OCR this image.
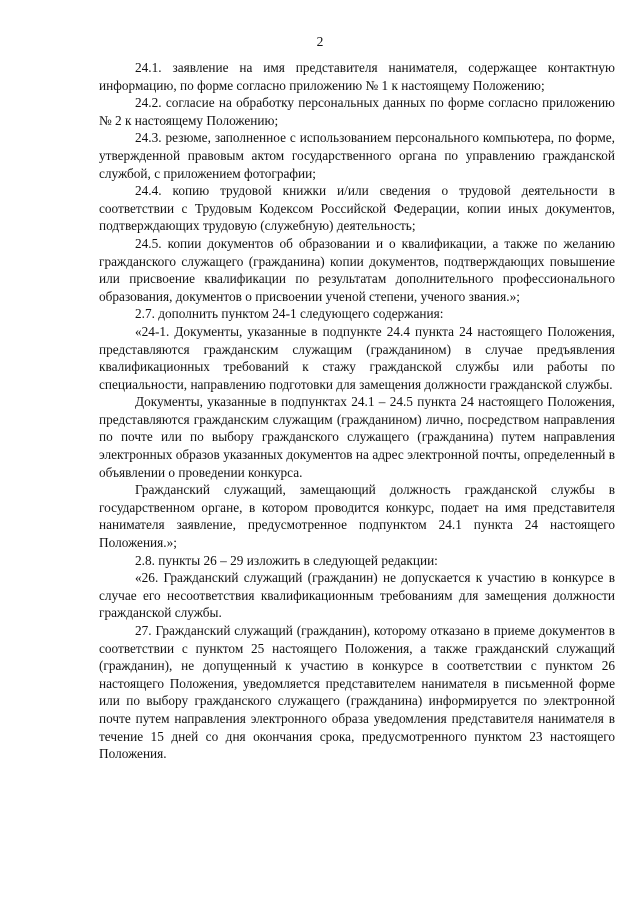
2

24.1. заявление на имя представителя нанимателя, содержащее контактную информацию, по форме согласно приложению № 1 к настоящему Положению;

24.2. согласие на обработку персональных данных по форме согласно приложению № 2 к настоящему Положению;

24.3. резюме, заполненное с использованием персонального компьютера, по форме, утвержденной правовым актом государственного органа по управлению гражданской службой, с приложением фотографии;

24.4. копию трудовой книжки и/или сведения о трудовой деятельности в соответствии с Трудовым Кодексом Российской Федерации, копии иных документов, подтверждающих трудовую (служебную) деятельность;

24.5. копии документов об образовании и о квалификации, а также по желанию гражданского служащего (гражданина) копии документов, подтверждающих повышение или присвоение квалификации по результатам дополнительного профессионального образования, документов о присвоении ученой степени, ученого звания.»;

2.7. дополнить пунктом 24-1 следующего содержания:

«24-1. Документы, указанные в подпункте 24.4 пункта 24 настоящего Положения, представляются гражданским служащим (гражданином) в случае предъявления квалификационных требований к стажу гражданской службы или работы по специальности, направлению подготовки для замещения должности гражданской службы.

Документы, указанные в подпунктах 24.1 – 24.5 пункта 24 настоящего Положения, представляются гражданским служащим (гражданином) лично, посредством направления по почте или по выбору гражданского служащего (гражданина) путем направления электронных образов указанных документов на адрес электронной почты, определенный в объявлении о проведении конкурса.

Гражданский служащий, замещающий должность гражданской службы в государственном органе, в котором проводится конкурс, подает на имя представителя нанимателя заявление, предусмотренное подпунктом 24.1 пункта 24 настоящего Положения.»;

2.8. пункты 26 – 29 изложить в следующей редакции:

«26. Гражданский служащий (гражданин) не допускается к участию в конкурсе в случае его несоответствия квалификационным требованиям для замещения должности гражданской службы.

27. Гражданский служащий (гражданин), которому отказано в приеме документов в соответствии с пунктом 25 настоящего Положения, а также гражданский служащий (гражданин), не допущенный к участию в конкурсе в соответствии с пунктом 26 настоящего Положения, уведомляется представителем нанимателя в письменной форме или по выбору гражданского служащего (гражданина) информируется по электронной почте путем направления электронного образа уведомления представителя нанимателя в течение 15 дней со дня окончания срока, предусмотренного пунктом 23 настоящего Положения.
